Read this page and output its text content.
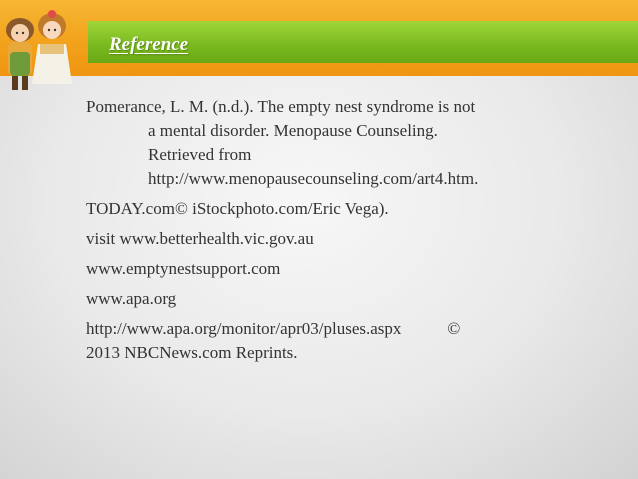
Reference
Pomerance, L. M. (n.d.). The empty nest syndrome is not
a mental disorder. Menopause Counseling.
Retrieved from
http://www.menopausecounseling.com/art4.htm.
TODAY.com© iStockphoto.com/Eric Vega).
visit www.betterhealth.vic.gov.au
www.emptynestsupport.com
www.apa.org
http://www.apa.org/monitor/apr03/pluses.aspx	©
2013 NBCNews.com Reprints.
